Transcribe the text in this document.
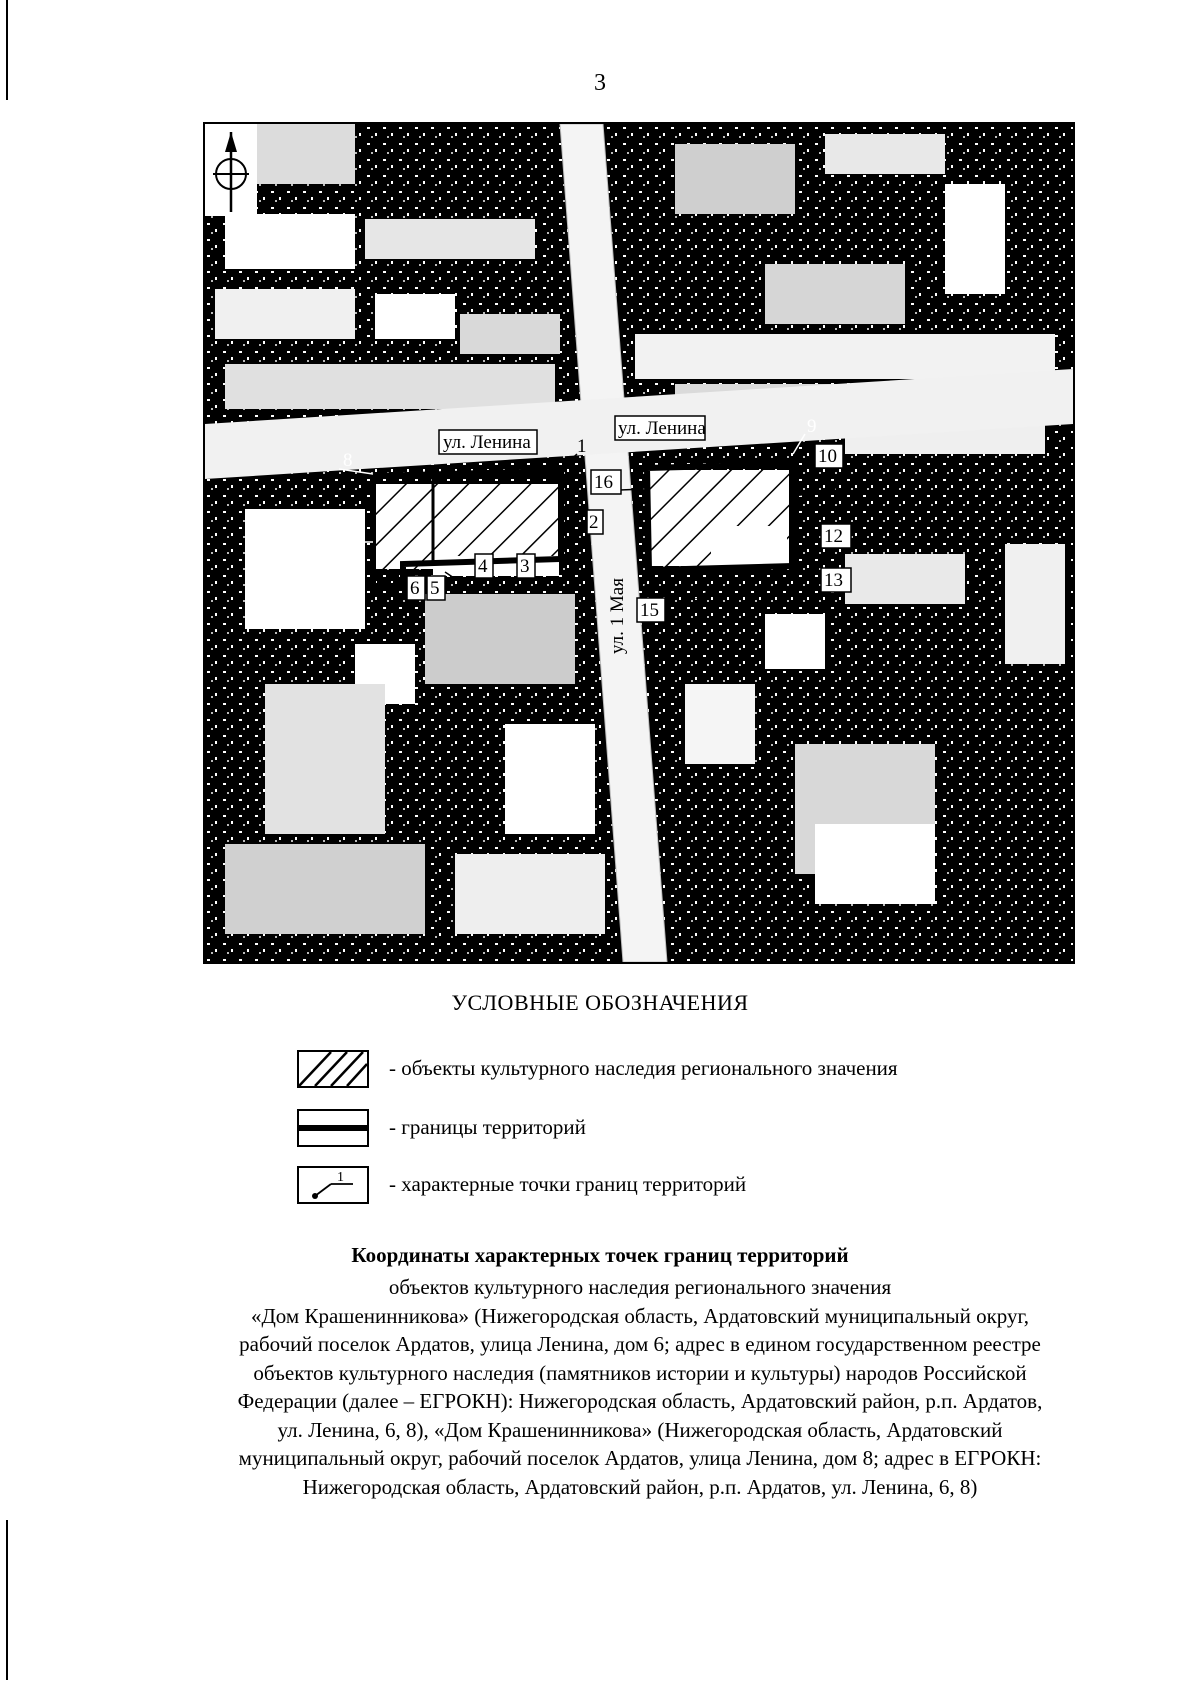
3
ул. Ленина
ул. Ленина
ул. 1 Мая
1
2
3
4
5
6
7
8
9
10
11
12
13
14
15
16
УСЛОВНЫЕ ОБОЗНАЧЕНИЯ
- объекты культурного наследия регионального значения
- границы территорий
1 - характерные точки границ территорий
Координаты характерных точек границ территорий
объектов культурного наследия регионального значения
«Дом Крашенинникова» (Нижегородская область, Ардатовский муниципальный округ,
рабочий поселок Ардатов, улица Ленина, дом 6; адрес в едином государственном реестре
объектов культурного наследия (памятников истории и культуры) народов Российской
Федерации (далее – ЕГРОКН): Нижегородская область, Ардатовский район, р.п. Ардатов,
ул. Ленина, 6, 8), «Дом Крашенинникова» (Нижегородская область, Ардатовский
муниципальный округ, рабочий поселок Ардатов, улица Ленина, дом 8; адрес в ЕГРОКН:
Нижегородская область, Ардатовский район, р.п. Ардатов, ул. Ленина, 6, 8)
